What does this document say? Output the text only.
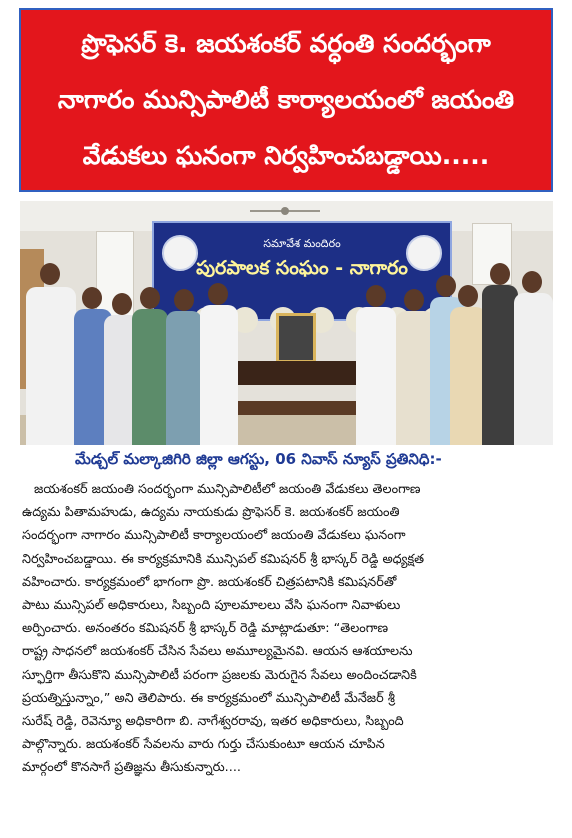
ప్రొఫెసర్ కె. జయశంకర్ వర్ధంతి సందర్భంగా
నాగారం మున్సిపాలిటీ కార్యాలయంలో జయంతి
వేడుకలు ఘనంగా నిర్వహించబడ్డాయి.....
సమావేశ మందిరం
పురపాలక సంఘం - నాగారం
మేడ్చల్ మల్కాజిగిరి జిల్లా ఆగస్టు, 06 నివాస్ న్యూస్ ప్రతినిధి:-
జయశంకర్ జయంతి సందర్భంగా మున్సిపాలిటీలో జయంతి వేడుకలు తెలంగాణ
ఉద్యమ పితామహుడు, ఉద్యమ నాయకుడు ప్రొఫెసర్ కె. జయశంకర్ జయంతి
సందర్భంగా నాగారం మున్సిపాలిటీ కార్యాలయంలో జయంతి వేడుకలు ఘనంగా
నిర్వహించబడ్డాయి. ఈ కార్యక్రమానికి మున్సిపల్ కమిషనర్ శ్రీ భాస్కర్ రెడ్డి అధ్యక్షత
వహించారు. కార్యక్రమంలో భాగంగా ప్రొ. జయశంకర్ చిత్రపటానికి కమిషనర్‌తో
పాటు మున్సిపల్ అధికారులు, సిబ్బంది పూలమాలలు వేసి ఘనంగా నివాళులు
అర్పించారు. అనంతరం కమిషనర్ శ్రీ భాస్కర్ రెడ్డి మాట్లాడుతూ: “తెలంగాణ
రాష్ట్ర సాధనలో జయశంకర్ చేసిన సేవలు అమూల్యమైనవి. ఆయన ఆశయాలను
స్ఫూర్తిగా తీసుకొని మున్సిపాలిటీ పరంగా ప్రజలకు మెరుగైన సేవలు అందించడానికి
ప్రయత్నిస్తున్నాం,” అని తెలిపారు. ఈ కార్యక్రమంలో మున్సిపాలిటీ మేనేజర్ శ్రీ
సురేష్ రెడ్డి, రెవెన్యూ అధికారిగా బి. నాగేశ్వరరావు, ఇతర అధికారులు, సిబ్బంది
పాల్గొన్నారు. జయశంకర్ సేవలను వారు గుర్తు చేసుకుంటూ ఆయన చూపిన
మార్గంలో కొనసాగే ప్రతిజ్ఞను తీసుకున్నారు....
